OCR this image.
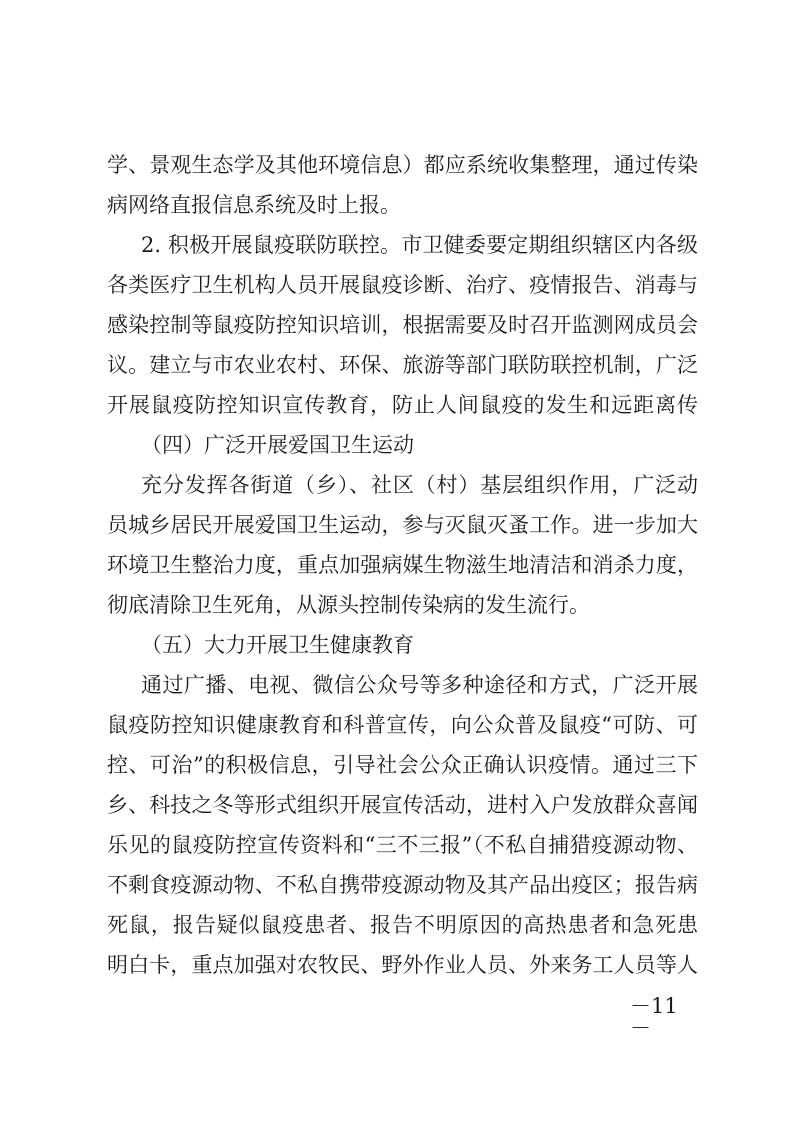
学、景观生态学及其他环境信息）都应系统收集整理，通过传染
病网络直报信息系统及时上报。
2. 积极开展鼠疫联防联控。市卫健委要定期组织辖区内各级
各类医疗卫生机构人员开展鼠疫诊断、治疗、疫情报告、消毒与
感染控制等鼠疫防控知识培训，根据需要及时召开监测网成员会
议。建立与市农业农村、环保、旅游等部门联防联控机制，广泛
开展鼠疫防控知识宣传教育，防止人间鼠疫的发生和远距离传
（四）广泛开展爱国卫生运动
充分发挥各街道（乡）、社区（村）基层组织作用，广泛动
员城乡居民开展爱国卫生运动，参与灭鼠灭蚤工作。进一步加大
环境卫生整治力度，重点加强病媒生物滋生地清洁和消杀力度，
彻底清除卫生死角，从源头控制传染病的发生流行。
（五）大力开展卫生健康教育
通过广播、电视、微信公众号等多种途径和方式，广泛开展
鼠疫防控知识健康教育和科普宣传，向公众普及鼠疫“可防、可
控、可治”的积极信息，引导社会公众正确认识疫情。通过三下
乡、科技之冬等形式组织开展宣传活动，进村入户发放群众喜闻
乐见的鼠疫防控宣传资料和“三不三报”（不私自捕猎疫源动物、
不剩食疫源动物、不私自携带疫源动物及其产品出疫区；报告病
死鼠，报告疑似鼠疫患者、报告不明原因的高热患者和急死患
明白卡，重点加强对农牧民、野外作业人员、外来务工人员等人
－11
－
